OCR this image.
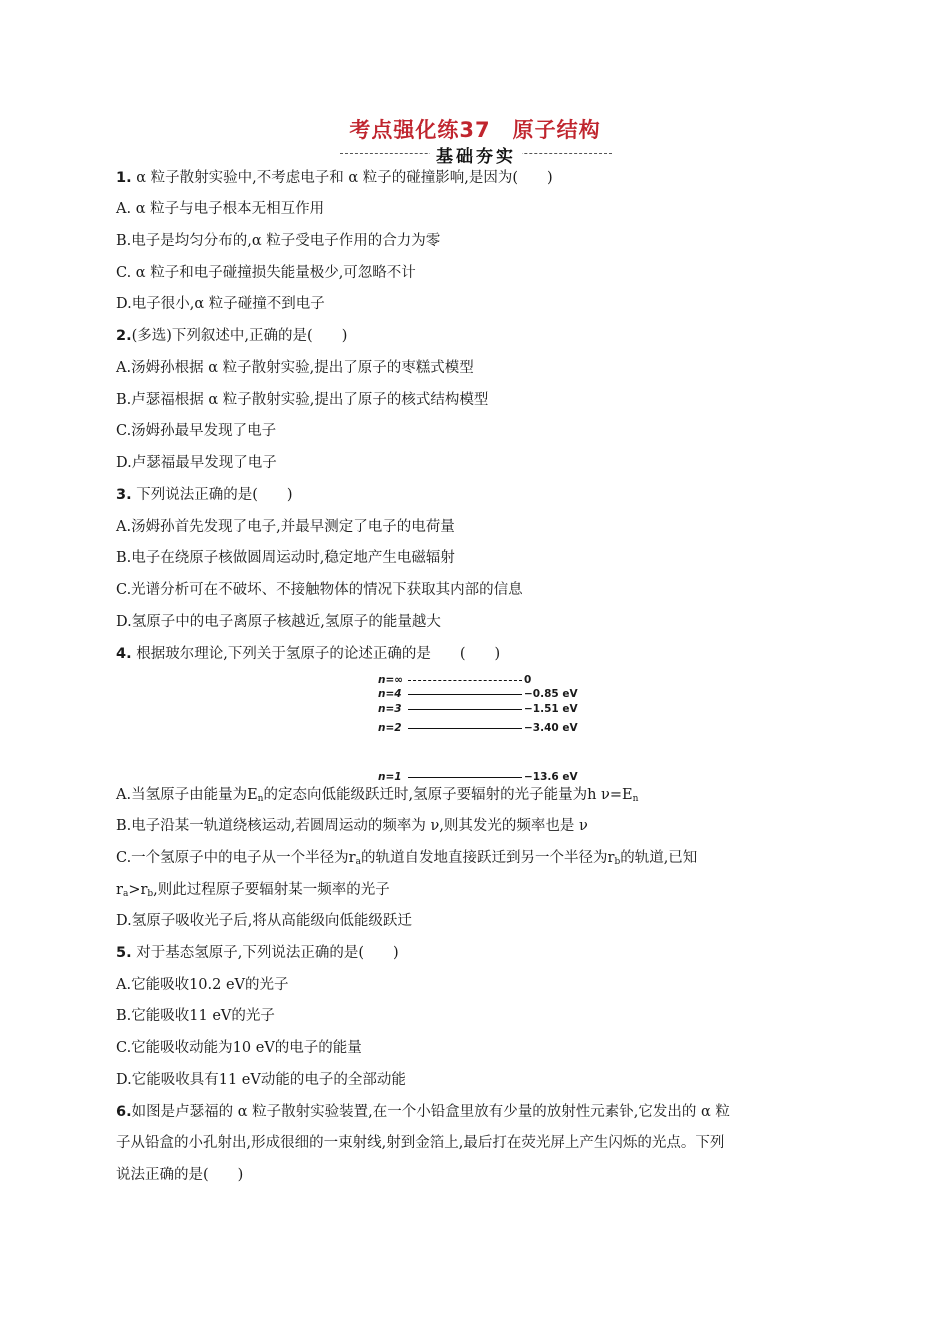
考点强化练37　原子结构
基础夯实
1. α 粒子散射实验中,不考虑电子和 α 粒子的碰撞影响,是因为(　　)
A. α 粒子与电子根本无相互作用
B.电子是均匀分布的,α 粒子受电子作用的合力为零
C. α 粒子和电子碰撞损失能量极少,可忽略不计
D.电子很小,α 粒子碰撞不到电子
2.(多选)下列叙述中,正确的是(　　)
A.汤姆孙根据 α 粒子散射实验,提出了原子的枣糕式模型
B.卢瑟福根据 α 粒子散射实验,提出了原子的核式结构模型
C.汤姆孙最早发现了电子
D.卢瑟福最早发现了电子
3. 下列说法正确的是(　　)
A.汤姆孙首先发现了电子,并最早测定了电子的电荷量
B.电子在绕原子核做圆周运动时,稳定地产生电磁辐射
C.光谱分析可在不破坏、不接触物体的情况下获取其内部的信息
D.氢原子中的电子离原子核越近,氢原子的能量越大
4. 根据玻尔理论,下列关于氢原子的论述正确的是　　(　　)
n=∞	0
n=4	−0.85 eV
n=3	−1.51 eV
n=2	−3.40 eV
n=1	−13.6 eV
A.当氢原子由能量为$E_n$的定态向低能级跃迁时,氢原子要辐射的光子能量为h $\nu=E_n$
B.电子沿某一轨道绕核运动,若圆周运动的频率为 ν,则其发光的频率也是 ν
C.一个氢原子中的电子从一个半径为$r_a$的轨道自发地直接跃迁到另一个半径为$r_b$的轨道,已知
$r_a>r_b$,则此过程原子要辐射某一频率的光子
D.氢原子吸收光子后,将从高能级向低能级跃迁
5. 对于基态氢原子,下列说法正确的是(　　)
A.它能吸收10.2 eV的光子
B.它能吸收11 eV的光子
C.它能吸收动能为10 eV的电子的能量
D.它能吸收具有11 eV动能的电子的全部动能
6.如图是卢瑟福的 α 粒子散射实验装置,在一个小铅盒里放有少量的放射性元素钋,它发出的 α 粒
子从铅盒的小孔射出,形成很细的一束射线,射到金箔上,最后打在荧光屏上产生闪烁的光点。下列
说法正确的是(　　)
